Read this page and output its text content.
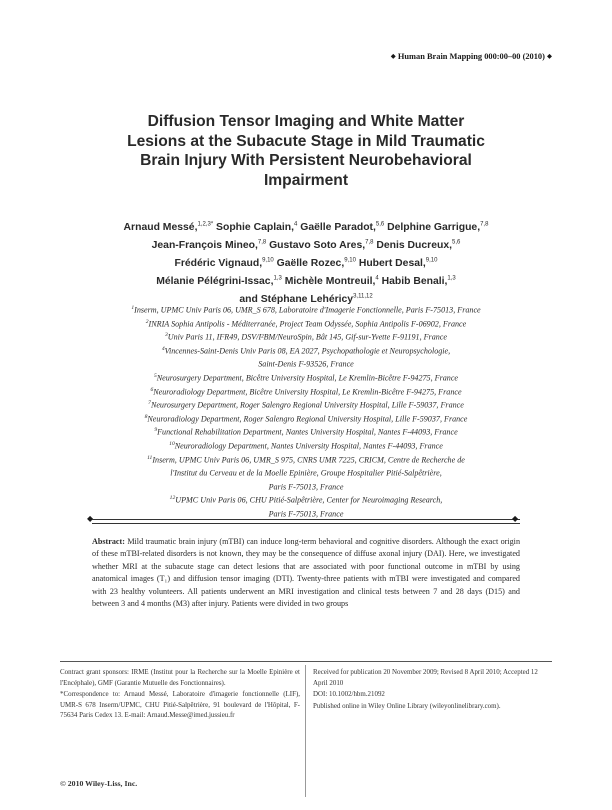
◆ Human Brain Mapping 000:00–00 (2010) ◆
Diffusion Tensor Imaging and White Matter
Lesions at the Subacute Stage in Mild Traumatic
Brain Injury With Persistent Neurobehavioral
Impairment
Arnaud Messé,$^{1,2,3*}$ Sophie Caplain,$^4$ Gaëlle Paradot,$^{5,6}$ Delphine Garrigue,$^{7,8}$
Jean-François Mineo,$^{7,8}$ Gustavo Soto Ares,$^{7,8}$ Denis Ducreux,$^{5,6}$
Frédéric Vignaud,$^{9,10}$ Gaëlle Rozec,$^{9,10}$ Hubert Desal,$^{9,10}$
Mélanie Pélégrini-Issac,$^{1,3}$ Michèle Montreuil,$^4$ Habib Benali,$^{1,3}$
and Stéphane Lehéricy$^{3,11,12}$
$^1$Inserm, UPMC Univ Paris 06, UMR_S 678, Laboratoire d'Imagerie Fonctionnelle, Paris F-75013, France
$^2$INRIA Sophia Antipolis - Méditerranée, Project Team Odyssée, Sophia Antipolis F-06902, France
$^3$Univ Paris 11, IFR49, DSV/I²BM/NeuroSpin, Bât 145, Gif-sur-Yvette F-91191, France
$^4$Vincennes-Saint-Denis Univ Paris 08, EA 2027, Psychopathologie et Neuropsychologie,
Saint-Denis F-93526, France
$^5$Neurosurgery Department, Bicêtre University Hospital, Le Kremlin-Bicêtre F-94275, France
$^6$Neuroradiology Department, Bicêtre University Hospital, Le Kremlin-Bicêtre F-94275, France
$^7$Neurosurgery Department, Roger Salengro Regional University Hospital, Lille F-59037, France
$^8$Neuroradiology Department, Roger Salengro Regional University Hospital, Lille F-59037, France
$^9$Functional Rehabilitation Department, Nantes University Hospital, Nantes F-44093, France
$^{10}$Neuroradiology Department, Nantes University Hospital, Nantes F-44093, France
$^{11}$Inserm, UPMC Univ Paris 06, UMR_S 975, CNRS UMR 7225, CRICM, Centre de Recherche de
l'Institut du Cerveau et de la Moelle Epinière, Groupe Hospitalier Pitié-Salpêtrière,
Paris F-75013, France
$^{12}$UPMC Univ Paris 06, CHU Pitié-Salpêtrière, Center for Neuroimaging Research,
Paris F-75013, France
◆	◆
Abstract: Mild traumatic brain injury (mTBI) can induce long-term behavioral and cognitive disorders. Although the exact origin of these mTBI-related disorders is not known, they may be the consequence of diffuse axonal injury (DAI). Here, we investigated whether MRI at the subacute stage can detect lesions that are associated with poor functional outcome in mTBI by using anatomical images (T₁) and diffusion tensor imaging (DTI). Twenty-three patients with mTBI were investigated and compared with 23 healthy volunteers. All patients underwent an MRI investigation and clinical tests between 7 and 28 days (D15) and between 3 and 4 months (M3) after injury. Patients were divided in two groups

Contract grant sponsors: IRME (Institut pour la Recherche sur la Moelle Epinière et l'Encéphale), GMF (Garantie Mutuelle des Fonctionnaires).

*Correspondence to: Arnaud Messé, Laboratoire d'imagerie fonctionnelle (LIF), UMR-S 678 Inserm/UPMC, CHU Pitié-Salpêtrière, 91 boulevard de l'Hôpital, F-75634 Paris Cedex 13. E-mail: Arnaud.Messe@imed.jussieu.fr

Received for publication 20 November 2009; Revised 8 April 2010; Accepted 12 April 2010

DOI: 10.1002/hbm.21092

Published online in Wiley Online Library (wileyonlinelibrary.com).

© 2010 Wiley-Liss, Inc.
